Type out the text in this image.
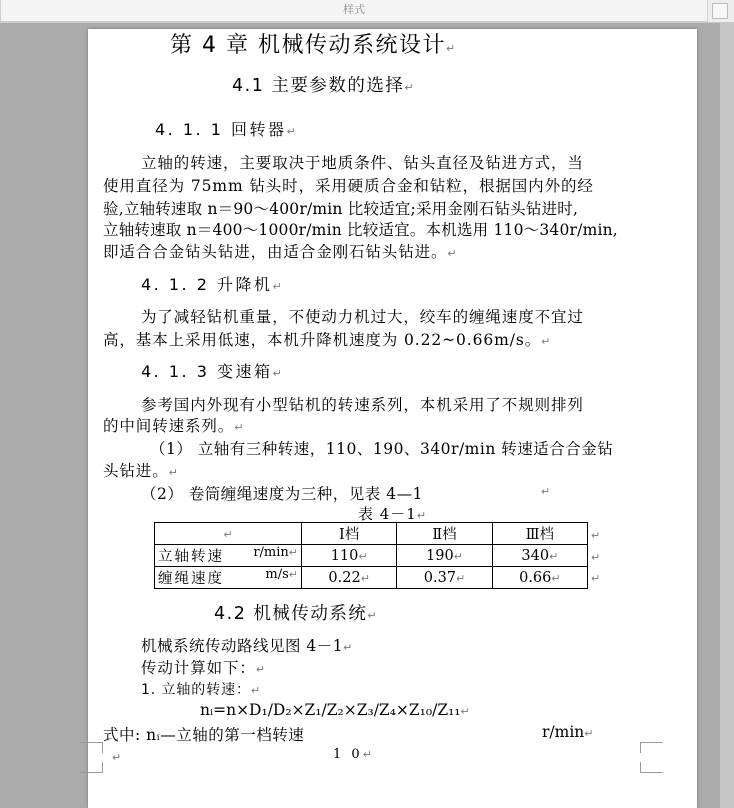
样式
第 4 章 机械传动系统设计↵
4.1 主要参数的选择↵
4. 1. 1 回转器↵
立轴的转速，主要取决于地质条件、钻头直径及钻进方式，当
使用直径为 75mm 钻头时，采用硬质合金和钻粒，根据国内外的经
验,立轴转速取 n＝90～400r/min 比较适宜;采用金刚石钻头钻进时,
立轴转速取 n＝400～1000r/min 比较适宜。本机选用 110～340r/min,
即适合合金钻头钻进，由适合金刚石钻头钻进。↵
4. 1. 2 升降机↵
为了减轻钻机重量，不使动力机过大，绞车的缠绳速度不宜过
高，基本上采用低速，本机升降机速度为 0.22~0.66m/s。↵
4. 1. 3 变速箱↵
参考国内外现有小型钻机的转速系列，本机采用了不规则排列
的中间转速系列。↵
（1） 立轴有三种转速，110、190、340r/min 转速适合合金钻
头钻进。↵
（2） 卷筒缠绳速度为三种，见表 4—1	↵
表 4－1↵
↵	Ⅰ档	Ⅱ档	Ⅲ档
立轴转速 r/min↵	110↵	190↵	340↵
缠绳速度 m/s↵	0.22↵	0.37↵	0.66↵
↵
↵
↵
4.2 机械传动系统↵
机械系统传动路线见图 4－1↵
传动计算如下：↵
1. 立轴的转速：↵
nᵢ=n×D₁/D₂×Z₁/Z₂×Z₃/Z₄×Z₁₀/Z₁₁↵
式中: nᵢ—立轴的第一档转速	r/min↵
↵	1 0↵
